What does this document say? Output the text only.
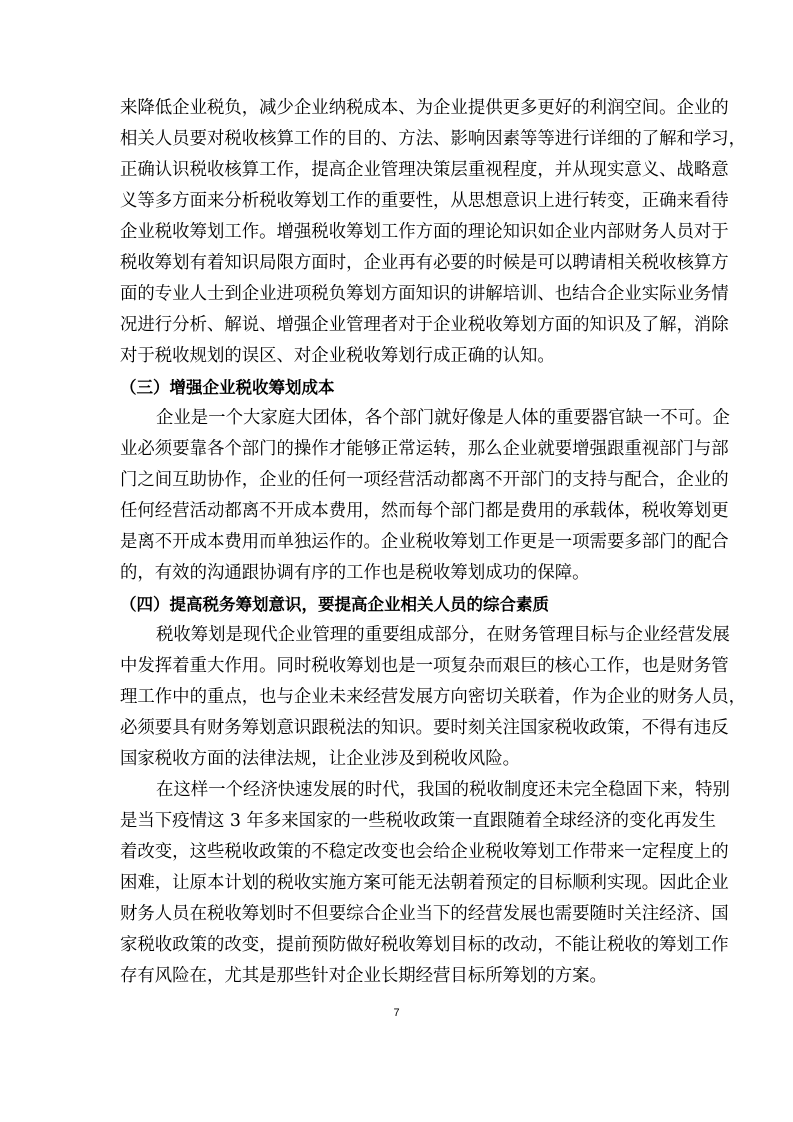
来降低企业税负，减少企业纳税成本、为企业提供更多更好的利润空间。企业的
相关人员要对税收核算工作的目的、方法、影响因素等等进行详细的了解和学习，
正确认识税收核算工作，提高企业管理决策层重视程度，并从现实意义、战略意
义等多方面来分析税收筹划工作的重要性，从思想意识上进行转变，正确来看待
企业税收筹划工作。增强税收筹划工作方面的理论知识如企业内部财务人员对于
税收筹划有着知识局限方面时，企业再有必要的时候是可以聘请相关税收核算方
面的专业人士到企业进项税负筹划方面知识的讲解培训、也结合企业实际业务情
况进行分析、解说、增强企业管理者对于企业税收筹划方面的知识及了解，消除
对于税收规划的误区、对企业税收筹划行成正确的认知。
（三）增强企业税收筹划成本
企业是一个大家庭大团体，各个部门就好像是人体的重要器官缺一不可。企
业必须要靠各个部门的操作才能够正常运转，那么企业就要增强跟重视部门与部
门之间互助协作，企业的任何一项经营活动都离不开部门的支持与配合，企业的
任何经营活动都离不开成本费用，然而每个部门都是费用的承载体，税收筹划更
是离不开成本费用而单独运作的。企业税收筹划工作更是一项需要多部门的配合
的，有效的沟通跟协调有序的工作也是税收筹划成功的保障。
（四）提高税务筹划意识，要提高企业相关人员的综合素质
税收筹划是现代企业管理的重要组成部分，在财务管理目标与企业经营发展
中发挥着重大作用。同时税收筹划也是一项复杂而艰巨的核心工作，也是财务管
理工作中的重点，也与企业未来经营发展方向密切关联着，作为企业的财务人员，
必须要具有财务筹划意识跟税法的知识。要时刻关注国家税收政策，不得有违反
国家税收方面的法律法规，让企业涉及到税收风险。
在这样一个经济快速发展的时代，我国的税收制度还未完全稳固下来，特别
是当下疫情这 3 年多来国家的一些税收政策一直跟随着全球经济的变化再发生
着改变，这些税收政策的不稳定改变也会给企业税收筹划工作带来一定程度上的
困难，让原本计划的税收实施方案可能无法朝着预定的目标顺利实现。因此企业
财务人员在税收筹划时不但要综合企业当下的经营发展也需要随时关注经济、国
家税收政策的改变，提前预防做好税收筹划目标的改动，不能让税收的筹划工作
存有风险在，尤其是那些针对企业长期经营目标所筹划的方案。
7
